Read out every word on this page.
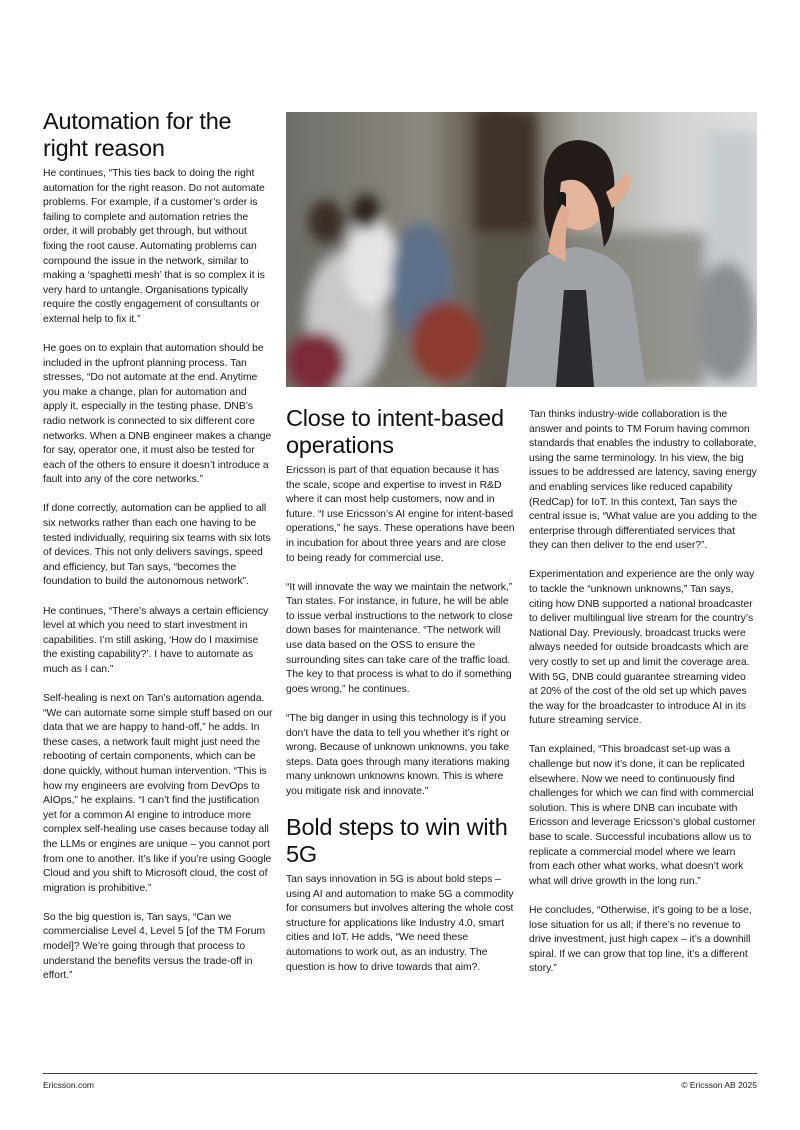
Automation for the right reason

He continues, “This ties back to doing the right automation for the right reason. Do not automate problems. For example, if a customer’s order is failing to complete and automation retries the order, it will probably get through, but without fixing the root cause. Automating problems can compound the issue in the network, similar to making a ‘spaghetti mesh’ that is so complex it is very hard to untangle. Organisations typically require the costly engagement of consultants or external help to fix it.”

He goes on to explain that automation should be included in the upfront planning process. Tan stresses, “Do not automate at the end. Anytime you make a change, plan for automation and apply it, especially in the testing phase. DNB’s radio network is connected to six different core networks. When a DNB engineer makes a change for say, operator one, it must also be tested for each of the others to ensure it doesn’t introduce a fault into any of the core networks.”

If done correctly, automation can be applied to all six networks rather than each one having to be tested individually, requiring six teams with six lots of devices. This not only delivers savings, speed and efficiency, but Tan says, “becomes the foundation to build the autonomous network”.

He continues, “There’s always a certain efficiency level at which you need to start investment in capabilities. I’m still asking, ‘How do I maximise the existing capability?’. I have to automate as much as I can.”

Self-healing is next on Tan’s automation agenda. “We can automate some simple stuff based on our data that we are happy to hand-off,” he adds. In these cases, a network fault might just need the rebooting of certain components, which can be done quickly, without human intervention. “This is how my engineers are evolving from DevOps to AIOps,” he explains. “I can’t find the justification yet for a common AI engine to introduce more complex self-healing use cases because today all the LLMs or engines are unique – you cannot port from one to another. It’s like if you’re using Google Cloud and you shift to Microsoft cloud, the cost of migration is prohibitive.”

So the big question is, Tan says, “Can we commercialise Level 4, Level 5 [of the TM Forum model]? We’re going through that process to understand the benefits versus the trade-off in effort.”

Close to intent-based operations

Ericsson is part of that equation because it has the scale, scope and expertise to invest in R&D where it can most help customers, now and in future. “I use Ericsson’s AI engine for intent-based operations,” he says. These operations have been in incubation for about three years and are close to being ready for commercial use.

“It will innovate the way we maintain the network,” Tan states. For instance, in future, he will be able to issue verbal instructions to the network to close down bases for maintenance. “The network will use data based on the OSS to ensure the surrounding sites can take care of the traffic load. The key to that process is what to do if something goes wrong,” he continues.

“The big danger in using this technology is if you don’t have the data to tell you whether it’s right or wrong. Because of unknown unknowns, you take steps. Data goes through many iterations making many unknown unknowns known. This is where you mitigate risk and innovate.”

Bold steps to win with 5G

Tan says innovation in 5G is about bold steps – using AI and automation to make 5G a commodity for consumers but involves altering the whole cost structure for applications like Industry 4.0, smart cities and IoT. He adds, “We need these automations to work out, as an industry. The question is how to drive towards that aim?.

Tan thinks industry-wide collaboration is the answer and points to TM Forum having common standards that enables the industry to collaborate, using the same terminology. In his view, the big issues to be addressed are latency, saving energy and enabling services like reduced capability (RedCap) for IoT. In this context, Tan says the central issue is, “What value are you adding to the enterprise through differentiated services that they can then deliver to the end user?”.

Experimentation and experience are the only way to tackle the “unknown unknowns,” Tan says, citing how DNB supported a national broadcaster to deliver multilingual live stream for the country’s National Day. Previously, broadcast trucks were always needed for outside broadcasts which are very costly to set up and limit the coverage area. With 5G, DNB could guarantee streaming video at 20% of the cost of the old set up which paves the way for the broadcaster to introduce AI in its future streaming service.

Tan explained, “This broadcast set-up was a challenge but now it’s done, it can be replicated elsewhere. Now we need to continuously find challenges for which we can find with commercial solution. This is where DNB can incubate with Ericsson and leverage Ericsson’s global customer base to scale. Successful incubations allow us to replicate a commercial model where we learn from each other what works, what doesn’t work what will drive growth in the long run.”

He concludes, “Otherwise, it’s going to be a lose, lose situation for us all; if there’s no revenue to drive investment, just high capex – it’s a downhill spiral. If we can grow that top line, it’s a different story.”

Ericsson.com	© Ericsson AB 2025
